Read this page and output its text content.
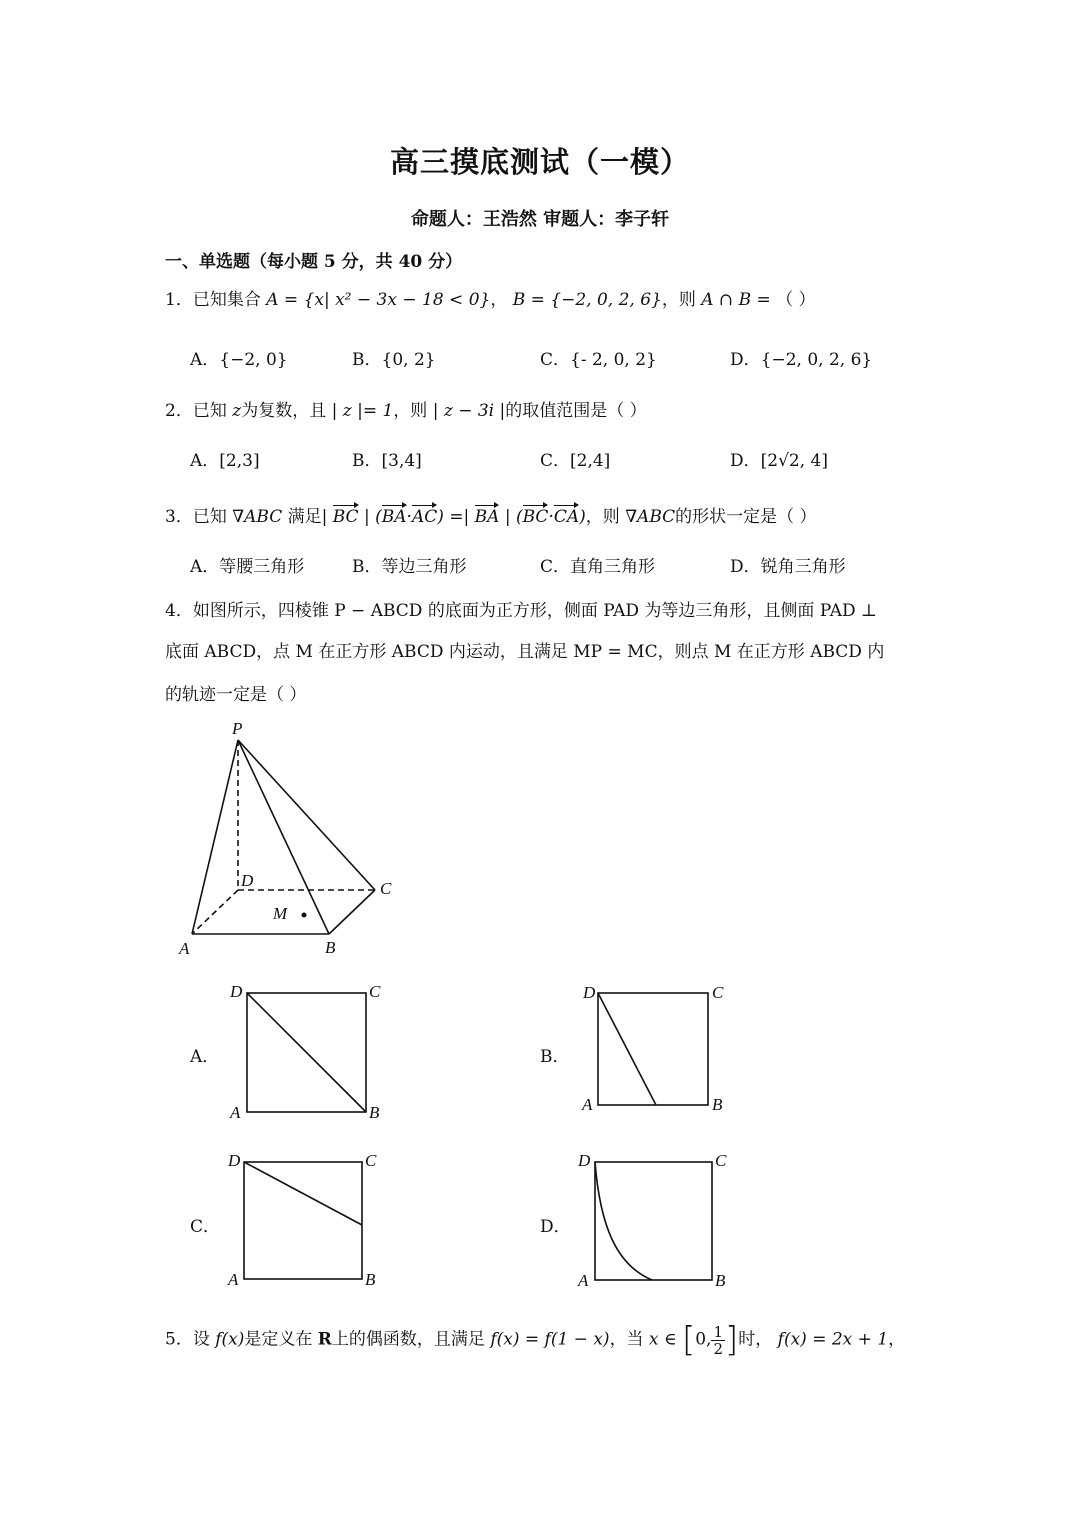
高三摸底测试（一模）
命题人：王浩然 审题人：李子轩
一、单选题（每小题 5 分，共 40 分）
1．已知集合 A = {x| x² − 3x − 18 < 0}， B = {−2, 0, 2, 6}，则 A ∩ B = （ ）
A．{−2, 0}	B．{0, 2}	C．{- 2, 0, 2}	D．{−2, 0, 2, 6}
2．已知 z为复数，且 | z |= 1，则 | z − 3i |的取值范围是（ ）
A．[2,3]	B．[3,4]	C．[2,4]	D．[2√2, 4]
3．已知 ∇ABC 满足| BC | (BA·AC) =| BA | (BC·CA)，则 ∇ABC的形状一定是（ ）
A．等腰三角形	B．等边三角形	C．直角三角形	D．锐角三角形
4．如图所示，四棱锥 P − ABCD 的底面为正方形，侧面 PAD 为等边三角形，且侧面 PAD ⊥
底面 ABCD，点 M 在正方形 ABCD 内运动，且满足 MP = MC，则点 M 在正方形 ABCD 内
的轨迹一定是（ ）
P
D	C
A	B
M
A．
D	C
A	B
B．
D	C
A	B
C．
D	C
A	B
D．
D	C
A	B
5．设 f(x)是定义在 R上的偶函数，且满足 f(x) = f(1 − x)，当 x ∈ [0, $\frac{1}{2}$ ]时， f(x) = 2x + 1，
